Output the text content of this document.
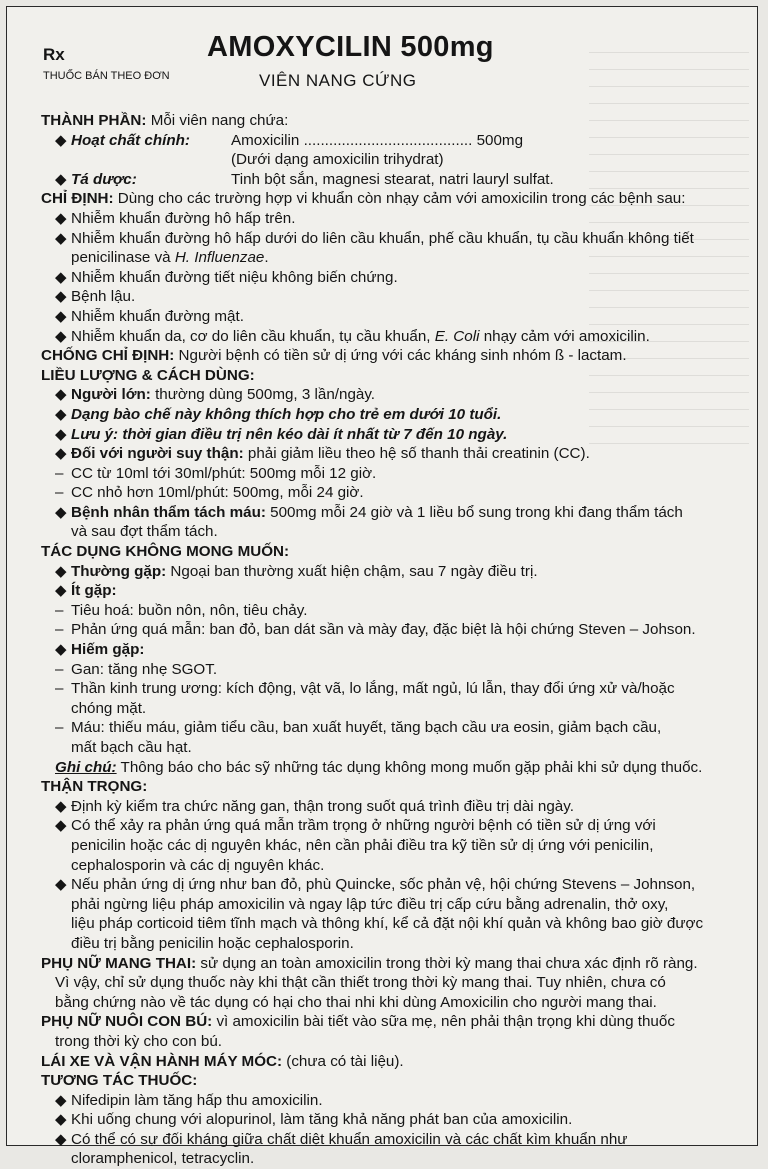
Rx
THUỐC BÁN THEO ĐƠN
AMOXYCILIN 500mg
VIÊN NANG CỨNG

THÀNH PHẦN: Mỗi viên nang chứa:

◆ Hoạt chất chính:	Amoxicilin ........................................ 500mg

(Dưới dạng amoxicilin trihydrat)

◆ Tá dược:	Tinh bột sắn, magnesi stearat, natri lauryl sulfat.

CHỈ ĐỊNH: Dùng cho các trường hợp vi khuẩn còn nhạy cảm với amoxicilin trong các bệnh sau:

◆ Nhiễm khuẩn đường hô hấp trên.

◆ Nhiễm khuẩn đường hô hấp dưới do liên cầu khuẩn, phế cầu khuẩn, tụ cầu khuẩn không tiết
penicilinase và H. Influenzae.

◆ Nhiễm khuẩn đường tiết niệu không biến chứng.

◆ Bệnh lậu.

◆ Nhiễm khuẩn đường mật.

◆ Nhiễm khuẩn da, cơ do liên cầu khuẩn, tụ cầu khuẩn, E. Coli nhạy cảm với amoxicilin.

CHỐNG CHỈ ĐỊNH: Người bệnh có tiền sử dị ứng với các kháng sinh nhóm ß - lactam.

LIỀU LƯỢNG & CÁCH DÙNG:

◆ Người lớn: thường dùng 500mg, 3 lần/ngày.

◆ Dạng bào chế này không thích hợp cho trẻ em dưới 10 tuổi.

◆ Lưu ý: thời gian điều trị nên kéo dài ít nhất từ 7 đến 10 ngày.

◆ Đối với người suy thận: phải giảm liều theo hệ số thanh thải creatinin (CC).

– CC từ 10ml tới 30ml/phút: 500mg mỗi 12 giờ.

– CC nhỏ hơn 10ml/phút: 500mg, mỗi 24 giờ.

◆ Bệnh nhân thẩm tách máu: 500mg mỗi 24 giờ và 1 liều bổ sung trong khi đang thẩm tách
và sau đợt thẩm tách.

TÁC DỤNG KHÔNG MONG MUỐN:

◆ Thường gặp: Ngoại ban thường xuất hiện chậm, sau 7 ngày điều trị.

◆ Ít gặp:

– Tiêu hoá: buồn nôn, nôn, tiêu chảy.

– Phản ứng quá mẫn: ban đỏ, ban dát sần và mày đay, đặc biệt là hội chứng Steven – Johson.

◆ Hiếm gặp:

– Gan: tăng nhẹ SGOT.

– Thần kinh trung ương: kích động, vật vã, lo lắng, mất ngủ, lú lẫn, thay đổi ứng xử và/hoặc
chóng mặt.

– Máu: thiếu máu, giảm tiểu cầu, ban xuất huyết, tăng bạch cầu ưa eosin, giảm bạch cầu,
mất bạch cầu hạt.

Ghi chú: Thông báo cho bác sỹ những tác dụng không mong muốn gặp phải khi sử dụng thuốc.

THẬN TRỌNG:

◆ Định kỳ kiểm tra chức năng gan, thận trong suốt quá trình điều trị dài ngày.

◆ Có thể xảy ra phản ứng quá mẫn trầm trọng ở những người bệnh có tiền sử dị ứng với
penicilin hoặc các dị nguyên khác, nên cần phải điều tra kỹ tiền sử dị ứng với penicilin,
cephalosporin và các dị nguyên khác.

◆ Nếu phản ứng dị ứng như ban đỏ, phù Quincke, sốc phản vệ, hội chứng Stevens – Johnson,
phải ngừng liệu pháp amoxicilin và ngay lập tức điều trị cấp cứu bằng adrenalin, thở oxy,
liệu pháp corticoid tiêm tĩnh mạch và thông khí, kể cả đặt nội khí quản và không bao giờ được
điều trị bằng penicilin hoặc cephalosporin.

PHỤ NỮ MANG THAI: sử dụng an toàn amoxicilin trong thời kỳ mang thai chưa xác định rõ ràng.

Vì vậy, chỉ sử dụng thuốc này khi thật cần thiết trong thời kỳ mang thai. Tuy nhiên, chưa có
bằng chứng nào về tác dụng có hại cho thai nhi khi dùng Amoxicilin cho người mang thai.

PHỤ NỮ NUÔI CON BÚ: vì amoxicilin bài tiết vào sữa mẹ, nên phải thận trọng khi dùng thuốc

trong thời kỳ cho con bú.

LÁI XE VÀ VẬN HÀNH MÁY MÓC: (chưa có tài liệu).

TƯƠNG TÁC THUỐC:

◆ Nifedipin làm tăng hấp thu amoxicilin.

◆ Khi uống chung với alopurinol, làm tăng khả năng phát ban của amoxicilin.

◆ Có thể có sự đối kháng giữa chất diệt khuẩn amoxicilin và các chất kìm khuẩn như
cloramphenicol, tetracyclin.
